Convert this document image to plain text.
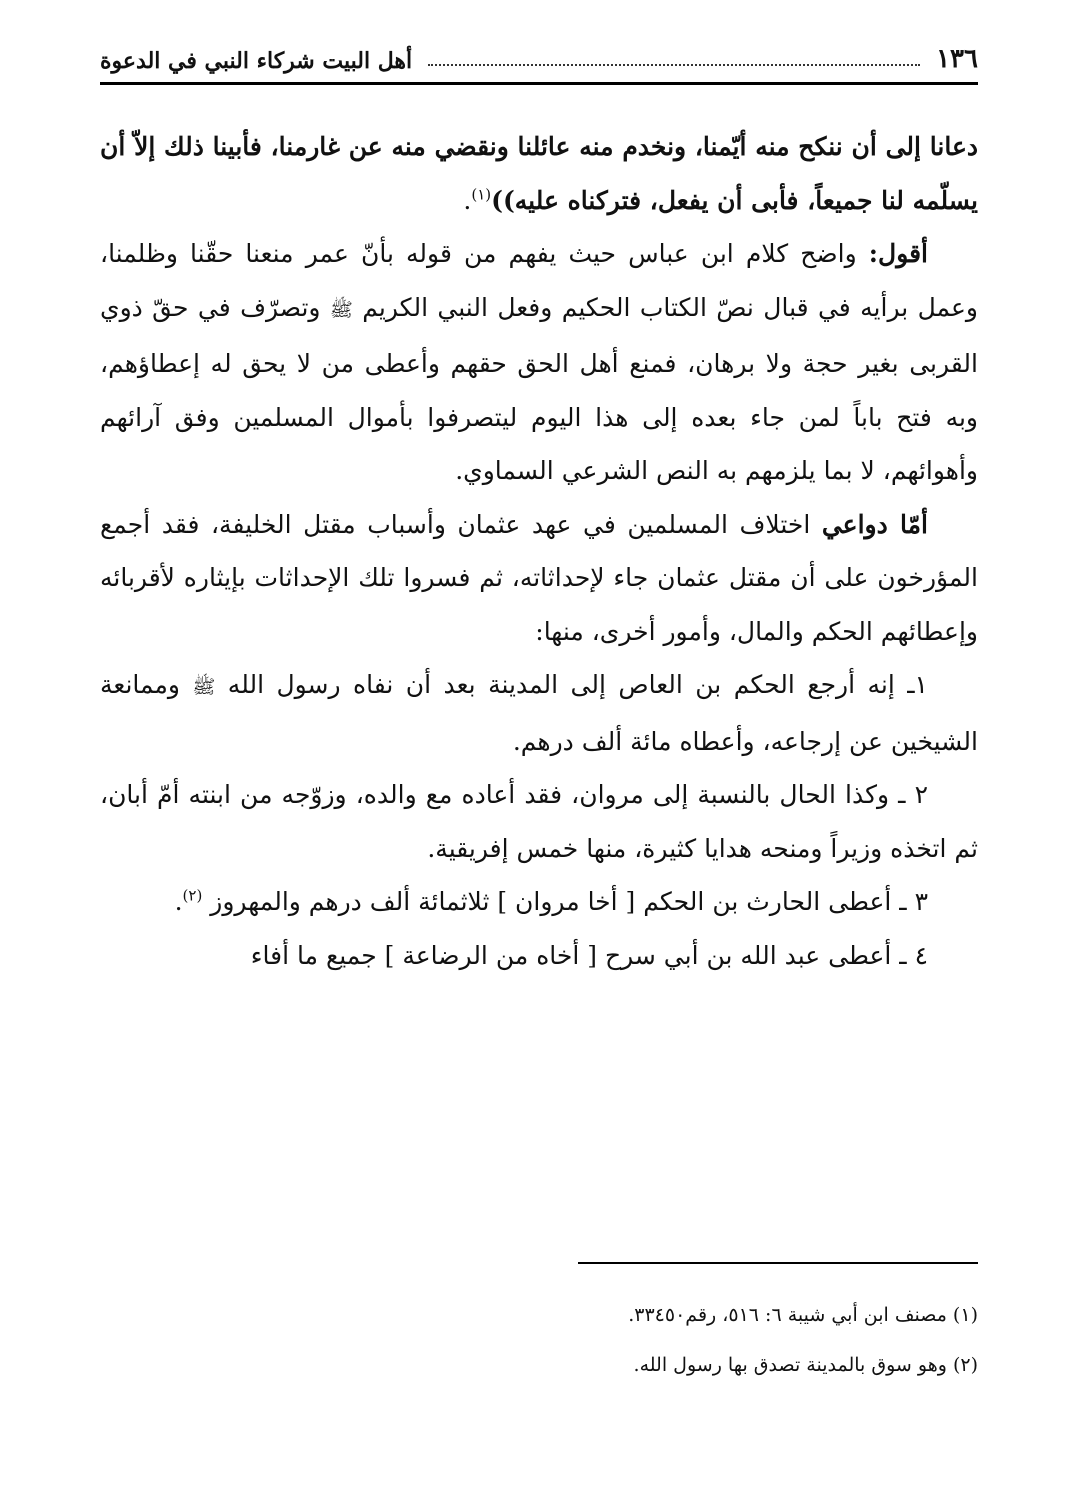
١٣٦
أهل البيت شركاء النبي في الدعوة

دعانا إلى أن ننكح منه أيّمنا، ونخدم منه عائلنا ونقضي منه عن غارمنا، فأبينا ذلك إلاّ أن يسلّمه لنا جميعاً، فأبى أن يفعل، فتركناه عليه))$^{(١)}$.

أقول: واضح كلام ابن عباس حيث يفهم من قوله بأنّ عمر منعنا حقّنا وظلمنا، وعمل برأيه في قبال نصّ الكتاب الحكيم وفعل النبي الكريم ﷺ وتصرّف في حقّ ذوي القربى بغير حجة ولا برهان، فمنع أهل الحق حقهم وأعطى من لا يحق له إعطاؤهم، وبه فتح باباً لمن جاء بعده إلى هذا اليوم ليتصرفوا بأموال المسلمين وفق آرائهم وأهوائهم، لا بما يلزمهم به النص الشرعي السماوي.

أمّا دواعي اختلاف المسلمين في عهد عثمان وأسباب مقتل الخليفة، فقد أجمع المؤرخون على أن مقتل عثمان جاء لإحداثاته، ثم فسروا تلك الإحداثات بإيثاره لأقربائه وإعطائهم الحكم والمال، وأمور أخرى، منها:

١ـ إنه أرجع الحكم بن العاص إلى المدينة بعد أن نفاه رسول الله ﷺ وممانعة الشيخين عن إرجاعه، وأعطاه مائة ألف درهم.

٢ ـ وكذا الحال بالنسبة إلى مروان، فقد أعاده مع والده، وزوّجه من ابنته أمّ أبان، ثم اتخذه وزيراً ومنحه هدايا كثيرة، منها خمس إفريقية.

٣ ـ أعطى الحارث بن الحكم [ أخا مروان ] ثلاثمائة ألف درهم والمهروز $^{(٢)}$.

٤ ـ أعطى عبد الله بن أبي سرح [ أخاه من الرضاعة ] جميع ما أفاء

(١) مصنف ابن أبي شيبة ٦: ٥١٦، رقم٣٣٤٥٠.

(٢) وهو سوق بالمدينة تصدق بها رسول الله.
